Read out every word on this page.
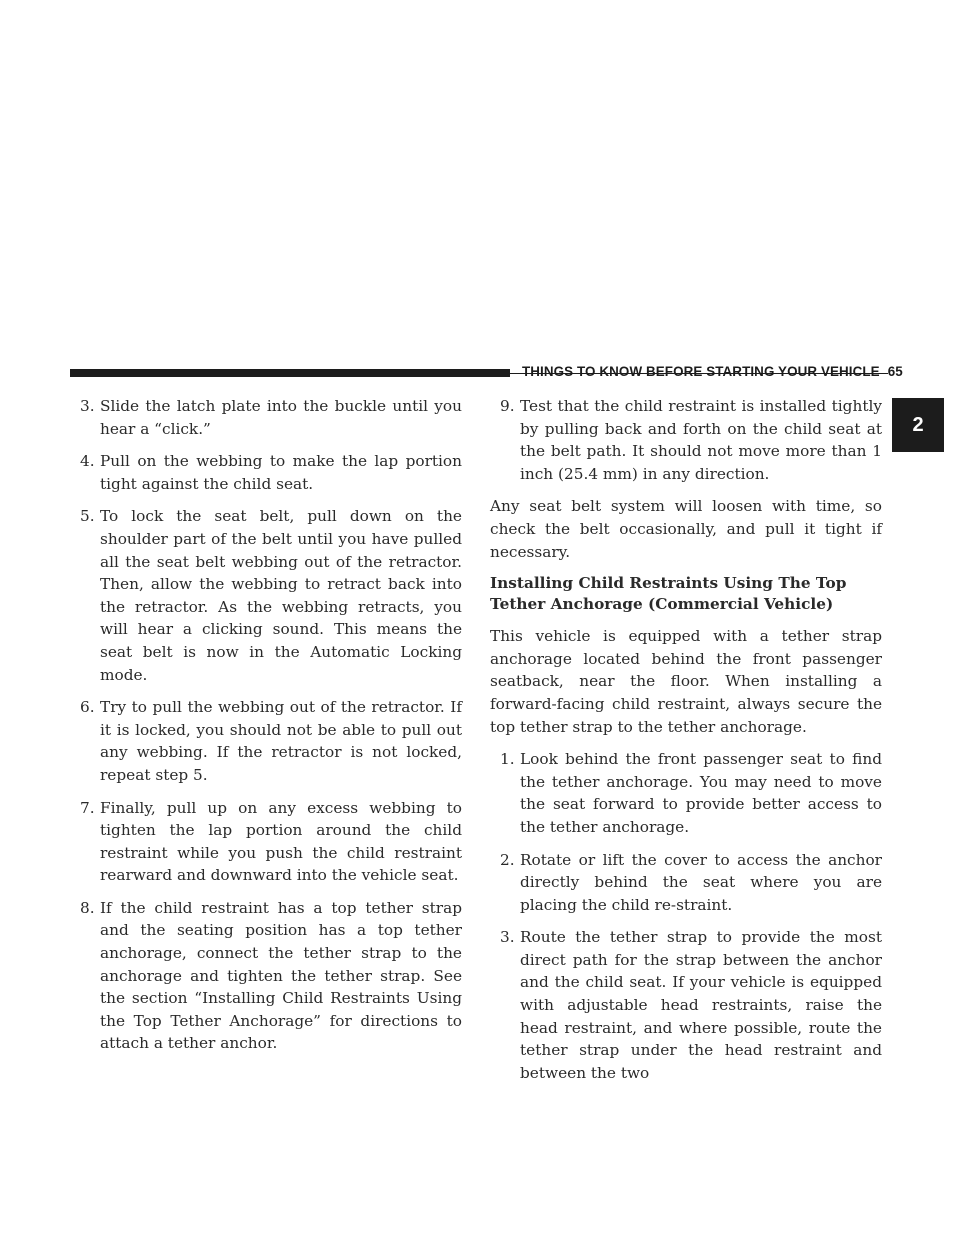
THINGS TO KNOW BEFORE STARTING YOUR VEHICLE 65
2

3. Slide the latch plate into the buckle until you hear a “click.”

4. Pull on the webbing to make the lap portion tight against the child seat.

5. To lock the seat belt, pull down on the shoulder part of the belt until you have pulled all the seat belt webbing out of the retractor. Then, allow the webbing to retract back into the retractor. As the webbing retracts, you will hear a clicking sound. This means the seat belt is now in the Automatic Locking mode.

6. Try to pull the webbing out of the retractor. If it is locked, you should not be able to pull out any webbing. If the retractor is not locked, repeat step 5.

7. Finally, pull up on any excess webbing to tighten the lap portion around the child restraint while you push the child restraint rearward and downward into the vehicle seat.

8. If the child restraint has a top tether strap and the seating position has a top tether anchorage, connect the tether strap to the anchorage and tighten the tether strap. See the section “Installing Child Restraints Using the Top Tether Anchorage” for directions to attach a tether anchor.

9. Test that the child restraint is installed tightly by pulling back and forth on the child seat at the belt path. It should not move more than 1 inch (25.4 mm) in any direction.

Any seat belt system will loosen with time, so check the belt occasionally, and pull it tight if necessary.

Installing Child Restraints Using The Top Tether Anchorage (Commercial Vehicle)

This vehicle is equipped with a tether strap anchorage located behind the front passenger seatback, near the floor. When installing a forward-facing child restraint, always secure the top tether strap to the tether anchorage.

1. Look behind the front passenger seat to find the tether anchorage. You may need to move the seat forward to provide better access to the tether anchorage.

2. Rotate or lift the cover to access the anchor directly behind the seat where you are placing the child re-straint.

3. Route the tether strap to provide the most direct path for the strap between the anchor and the child seat. If your vehicle is equipped with adjustable head restraints, raise the head restraint, and where possible, route the tether strap under the head restraint and between the two
